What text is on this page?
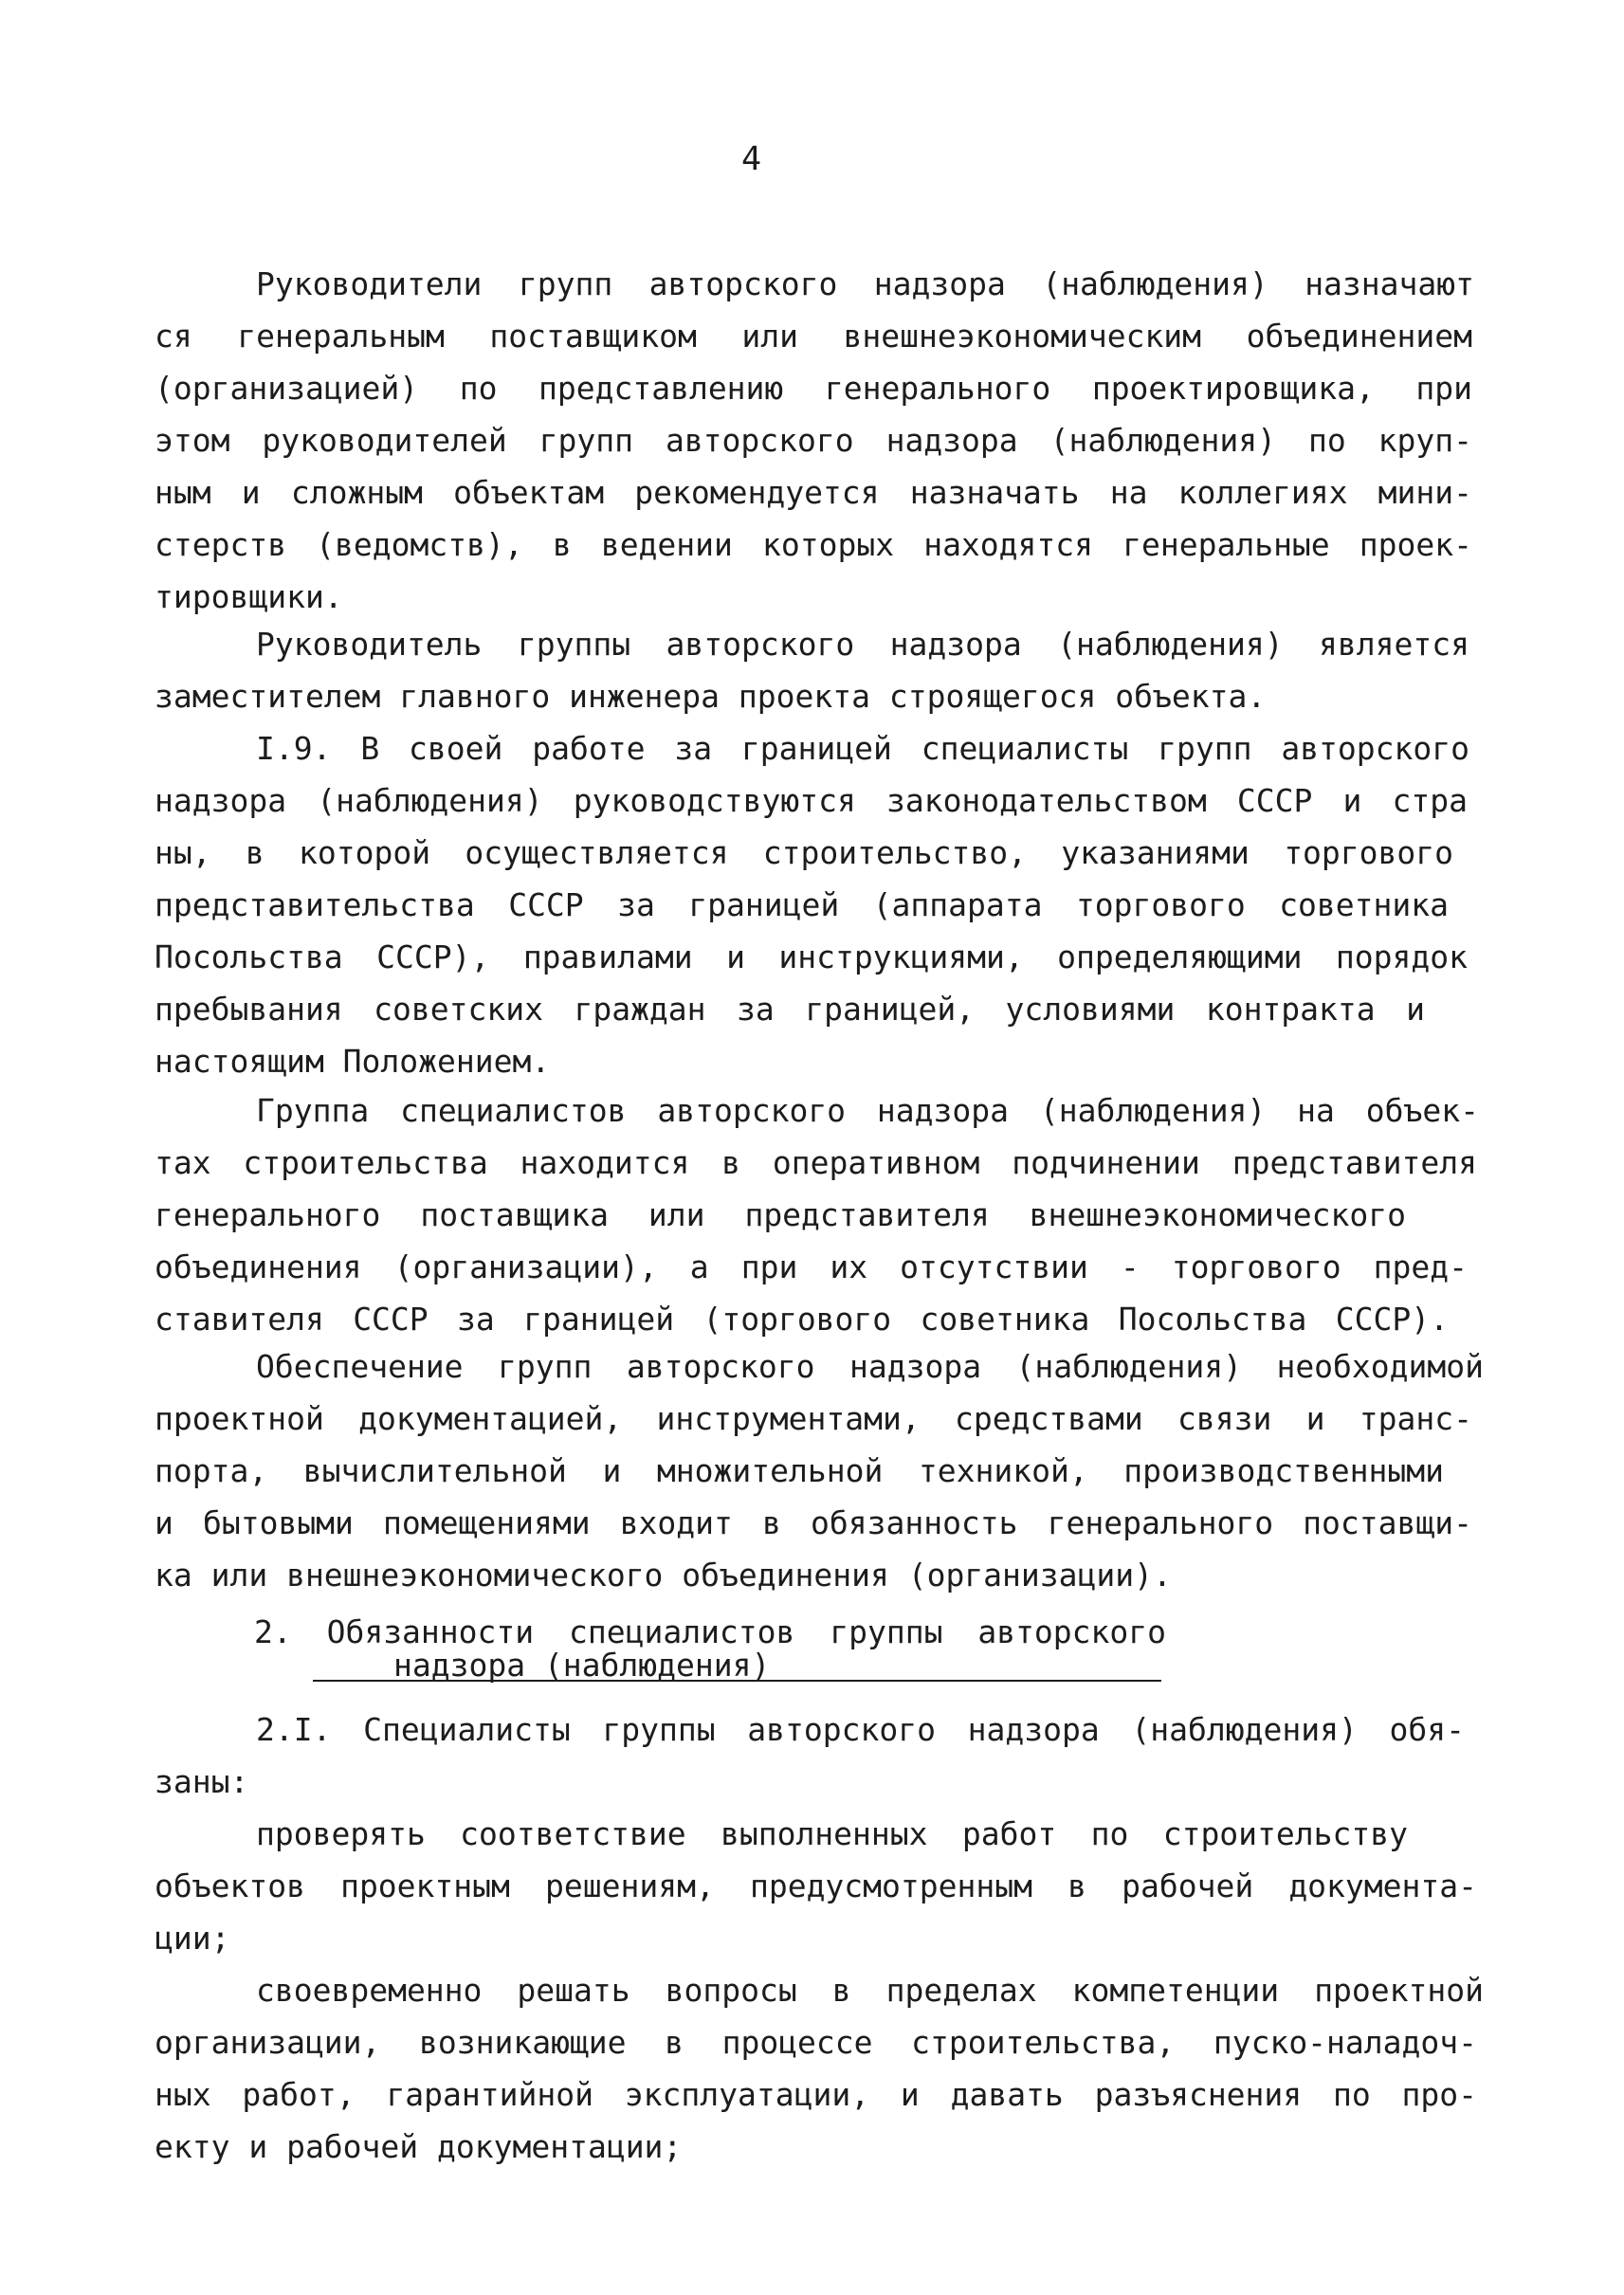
4
Руководители групп авторского надзора (наблюдения) назначают
ся генеральным поставщиком или внешнеэкономическим объединением
(организацией) по представлению генерального проектировщика, при
этом руководителей групп авторского надзора (наблюдения) по круп-
ным и сложным объектам рекомендуется назначать на коллегиях мини-
стерств (ведомств), в ведении которых находятся генеральные проек-
тировщики.
Руководитель группы авторского надзора (наблюдения) является
заместителем главного инженера проекта строящегося объекта.
I.9. В своей работе за границей специалисты групп авторского
надзора (наблюдения) руководствуются законодательством СССР и стра
ны, в которой осуществляется строительство, указаниями торгового
представительства СССР за границей (аппарата торгового советника
Посольства СССР), правилами и инструкциями, определяющими порядок
пребывания советских граждан за границей, условиями контракта и
настоящим Положением.
Группа специалистов авторского надзора (наблюдения) на объек-
тах строительства находится в оперативном подчинении представителя
генерального поставщика или представителя внешнеэкономического
объединения (организации), а при их отсутствии - торгового пред-
ставителя СССР за границей (торгового советника Посольства СССР).
Обеспечение групп авторского надзора (наблюдения) необходимой
проектной документацией, инструментами, средствами связи и транс-
порта, вычислительной и множительной техникой, производственными
и бытовыми помещениями входит в обязанность генерального поставщи-
ка или внешнеэкономического объединения (организации).
2. Обязанности специалистов группы авторского
надзора (наблюдения)
2.I. Специалисты группы авторского надзора (наблюдения) обя-
заны:
проверять соответствие выполненных работ по строительству
объектов проектным решениям, предусмотренным в рабочей документа-
ции;
своевременно решать вопросы в пределах компетенции проектной
организации, возникающие в процессе строительства, пуско-наладоч-
ных работ, гарантийной эксплуатации, и давать разъяснения по про-
екту и рабочей документации;
